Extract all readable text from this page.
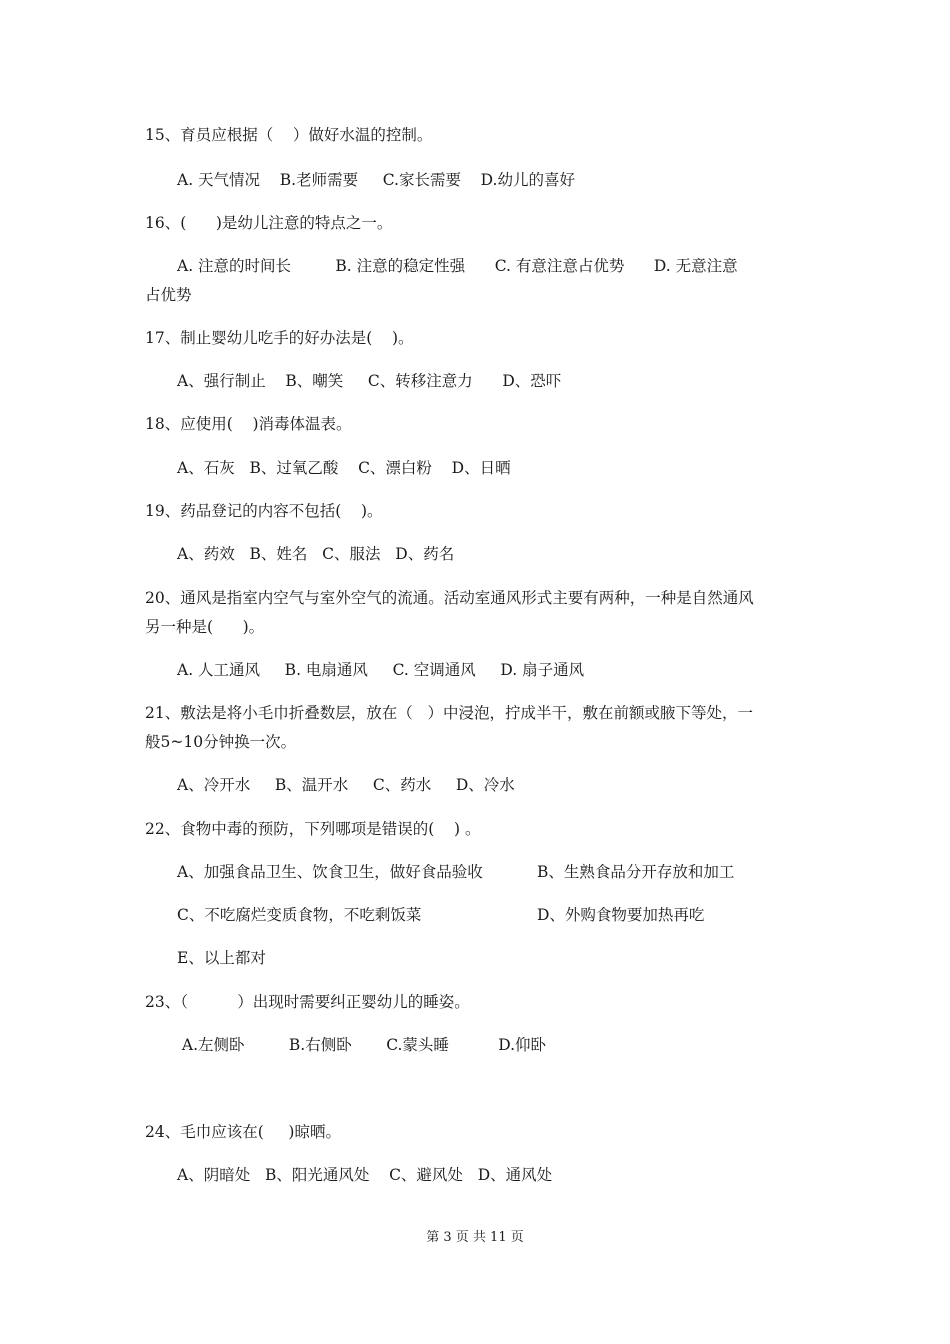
15、育员应根据（    ）做好水温的控制。
A. 天气情况    B.老师需要     C.家长需要    D.幼儿的喜好
16、(      )是幼儿注意的特点之一。
A. 注意的时间长         B. 注意的稳定性强      C. 有意注意占优势      D. 无意注意
占优势
17、制止婴幼儿吃手的好办法是(    )。
A、强行制止    B、嘲笑     C、转移注意力      D、恐吓
18、应使用(    )消毒体温表。
A、石灰   B、过氧乙酸    C、漂白粉    D、日晒
19、药品登记的内容不包括(    )。
A、药效   B、姓名   C、服法   D、药名
20、通风是指室内空气与室外空气的流通。活动室通风形式主要有两种，一种是自然通风
另一种是(      )。
A. 人工通风     B. 电扇通风     C. 空调通风     D. 扇子通风
21、敷法是将小毛巾折叠数层，放在（   ）中浸泡，拧成半干，敷在前额或腋下等处，一
般5~10分钟换一次。
A、冷开水     B、温开水     C、药水     D、冷水
22、食物中毒的预防，下列哪项是错误的(    ) 。
A、加强食品卫生、饮食卫生，做好食品验收	B、生熟食品分开存放和加工
C、不吃腐烂变质食物，不吃剩饭菜	D、外购食物要加热再吃
E、以上都对
23、（          ）出现时需要纠正婴幼儿的睡姿。
A.左侧卧         B.右侧卧       C.蒙头睡          D.仰卧
24、毛巾应该在(     )晾晒。
A、阴暗处   B、阳光通风处    C、避风处   D、通风处
第 3 页 共 11 页
